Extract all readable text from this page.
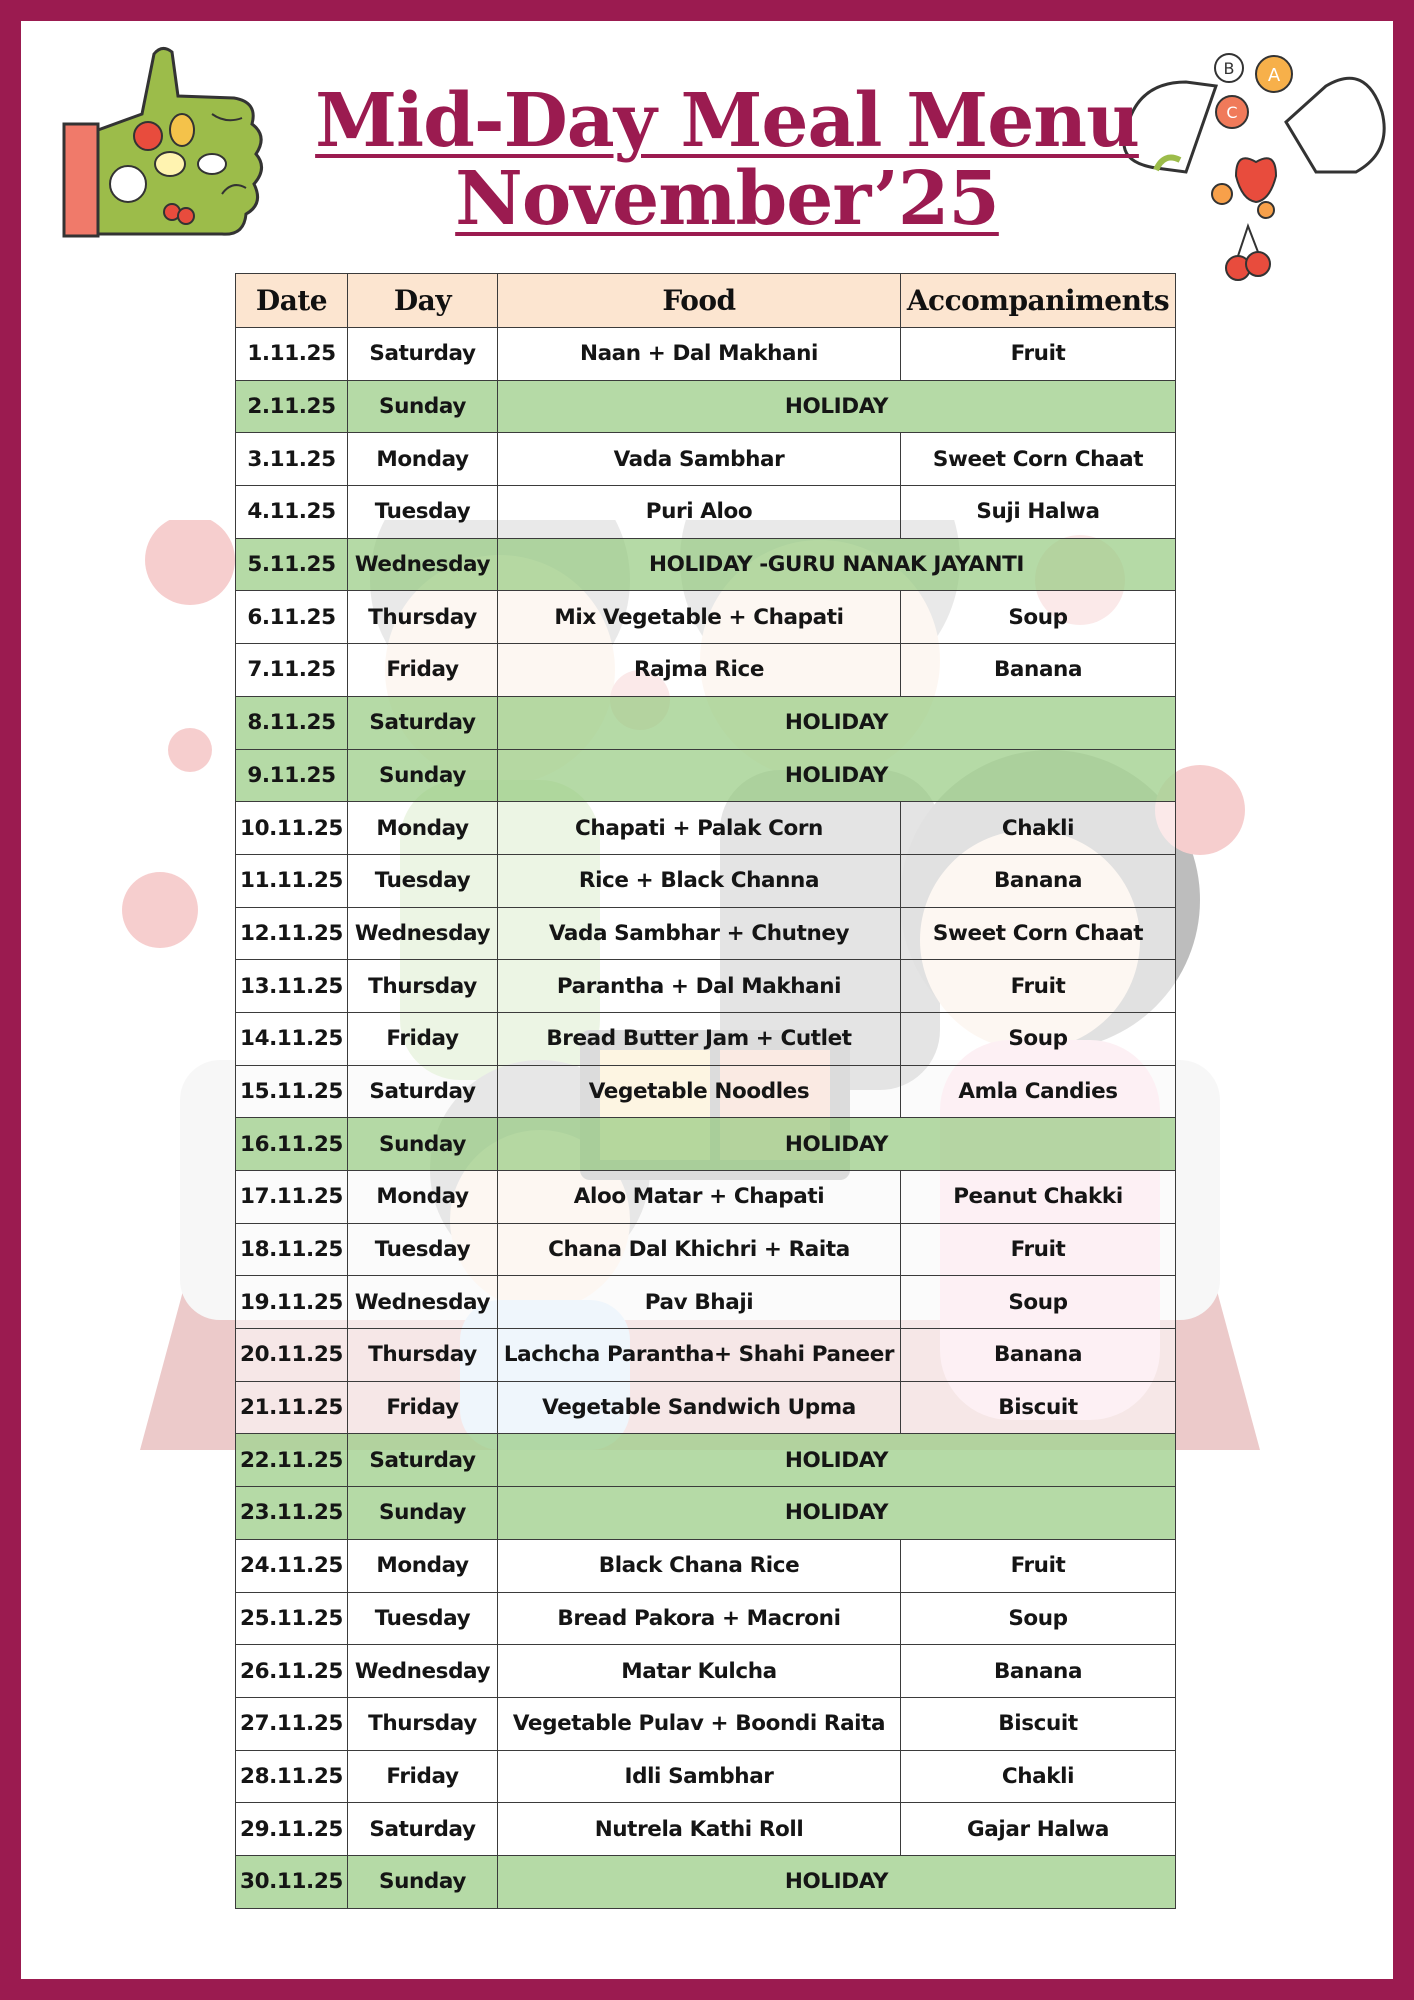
B A
C
Mid-Day Meal Menu
November’25
Date	Day	Food	Accompaniments
1.11.25	Saturday	Naan + Dal Makhani	Fruit
2.11.25	Sunday	HOLIDAY	
3.11.25	Monday	Vada Sambhar	Sweet Corn Chaat
4.11.25	Tuesday	Puri Aloo	Suji Halwa
5.11.25	Wednesday	HOLIDAY -GURU NANAK JAYANTI	
6.11.25	Thursday	Mix Vegetable + Chapati	Soup
7.11.25	Friday	Rajma Rice	Banana
8.11.25	Saturday	HOLIDAY	
9.11.25	Sunday	HOLIDAY	
10.11.25	Monday	Chapati + Palak Corn	Chakli
11.11.25	Tuesday	Rice + Black Channa	Banana
12.11.25	Wednesday	Vada Sambhar + Chutney	Sweet Corn Chaat
13.11.25	Thursday	Parantha + Dal Makhani	Fruit
14.11.25	Friday	Bread Butter Jam + Cutlet	Soup
15.11.25	Saturday	Vegetable Noodles	Amla Candies
16.11.25	Sunday	HOLIDAY	
17.11.25	Monday	Aloo Matar + Chapati	Peanut Chakki
18.11.25	Tuesday	Chana Dal Khichri + Raita	Fruit
19.11.25	Wednesday	Pav Bhaji	Soup
20.11.25	Thursday	Lachcha Parantha+ Shahi Paneer	Banana
21.11.25	Friday	Vegetable Sandwich Upma	Biscuit
22.11.25	Saturday	HOLIDAY	
23.11.25	Sunday	HOLIDAY	
24.11.25	Monday	Black Chana Rice	Fruit
25.11.25	Tuesday	Bread Pakora + Macroni	Soup
26.11.25	Wednesday	Matar Kulcha	Banana
27.11.25	Thursday	Vegetable Pulav + Boondi Raita	Biscuit
28.11.25	Friday	Idli Sambhar	Chakli
29.11.25	Saturday	Nutrela Kathi Roll	Gajar Halwa
30.11.25	Sunday	HOLIDAY	
